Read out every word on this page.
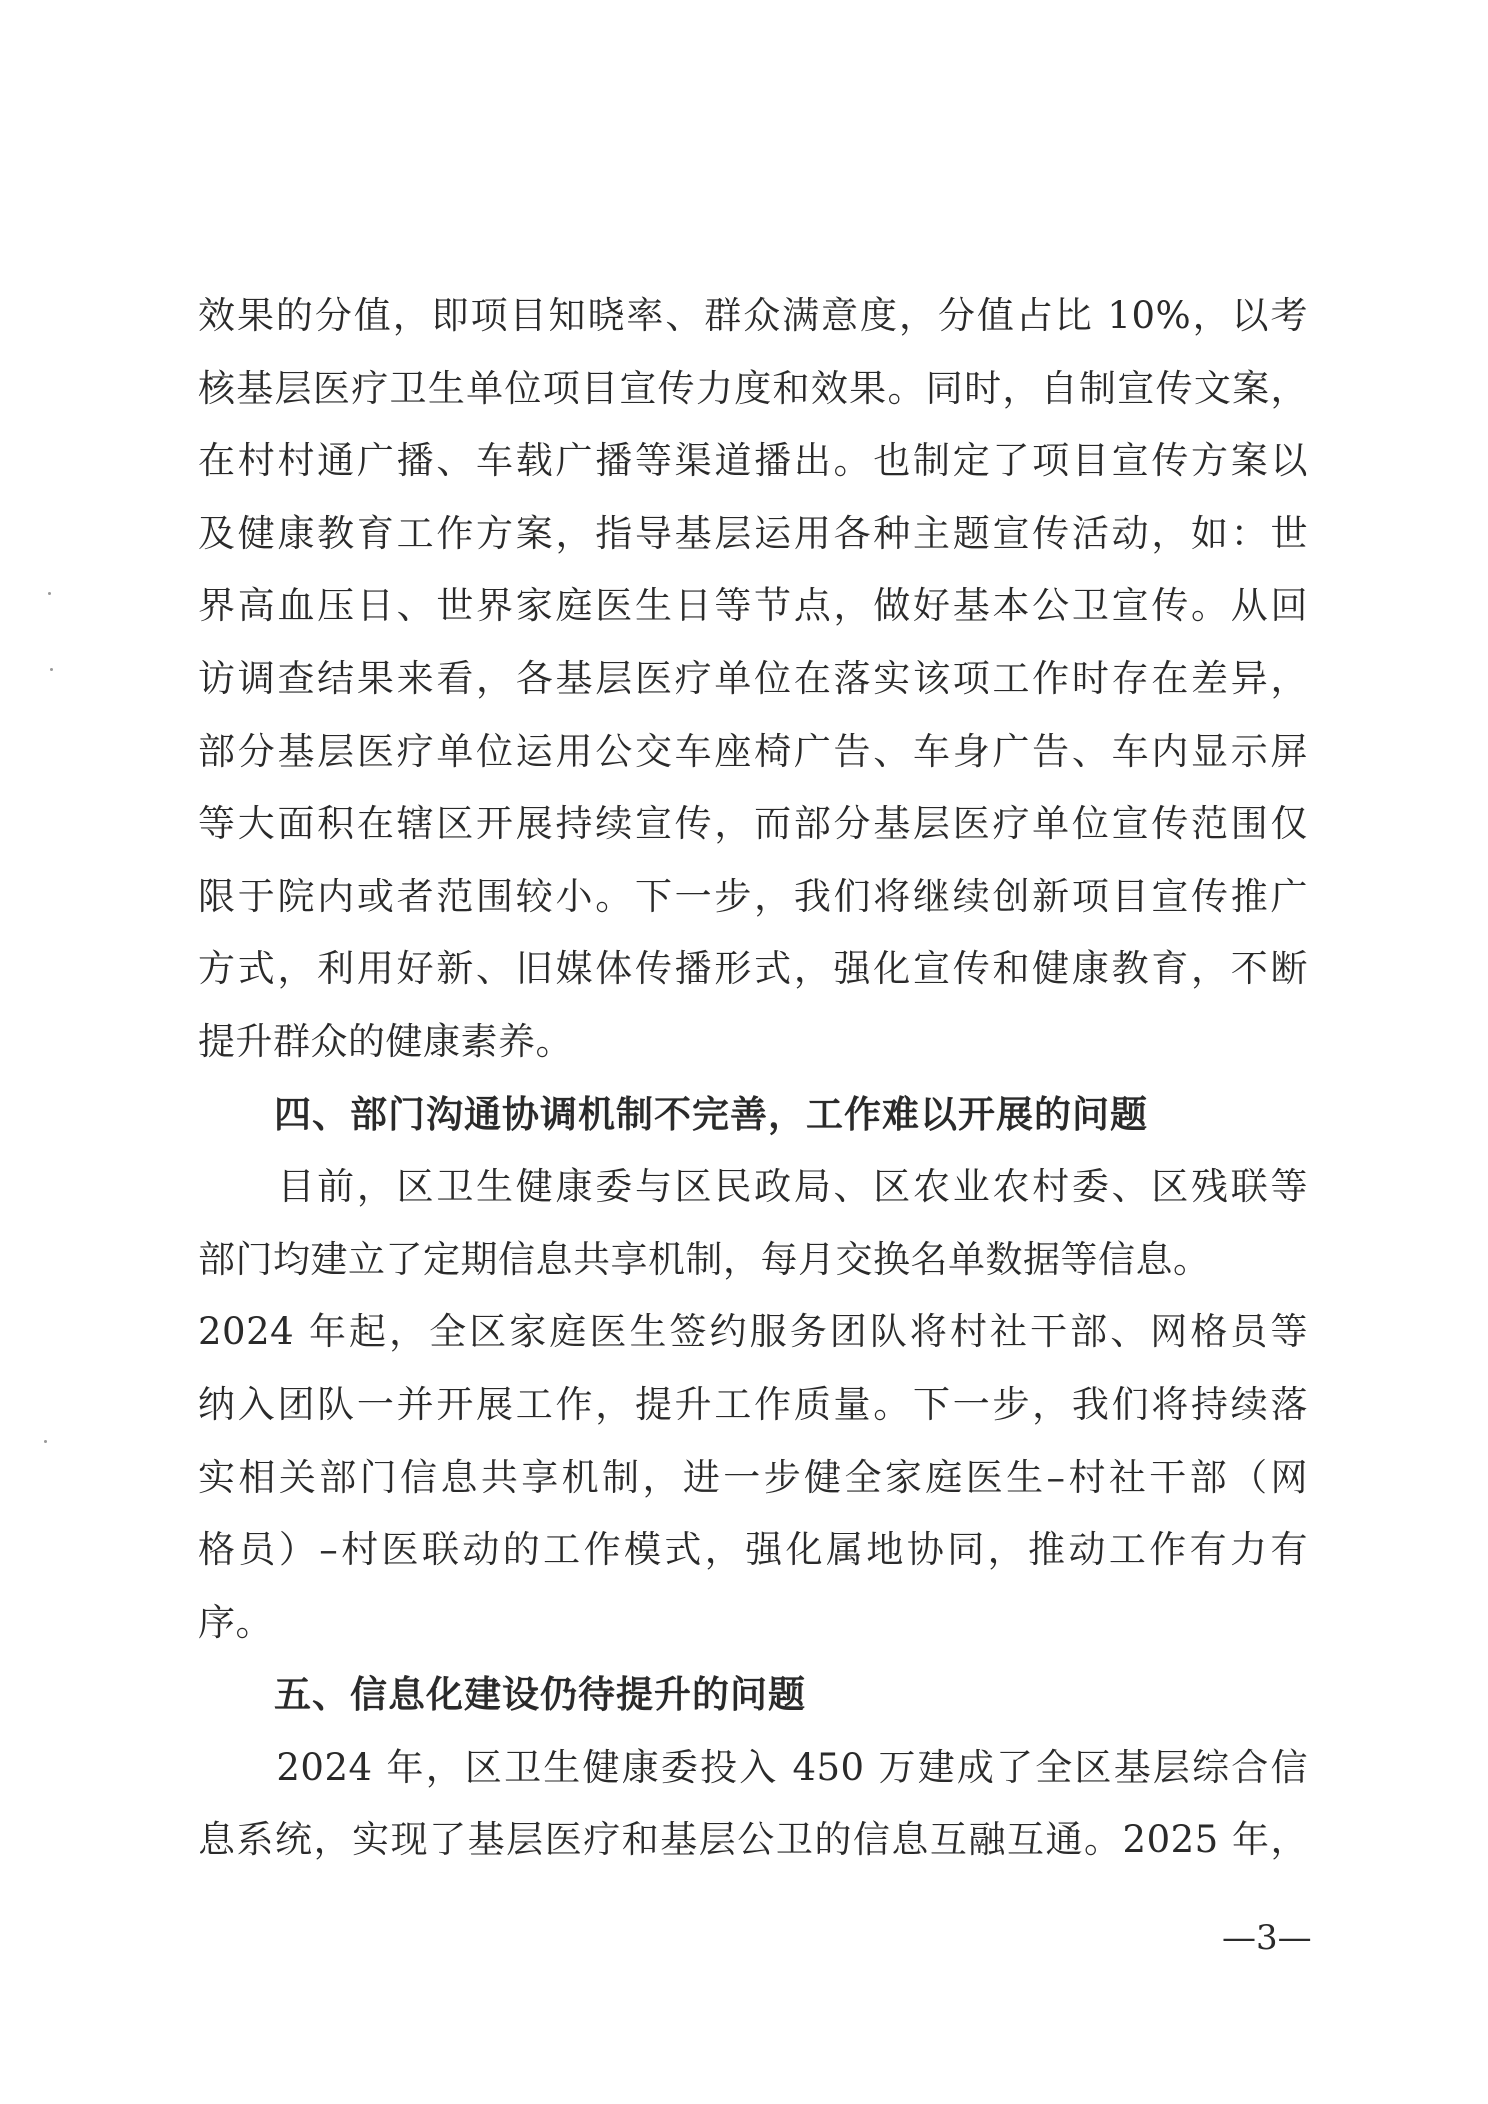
效果的分值，即项目知晓率、群众满意度，分值占比 10%，以考
核基层医疗卫生单位项目宣传力度和效果。同时，自制宣传文案，
在村村通广播、车载广播等渠道播出。也制定了项目宣传方案以
及健康教育工作方案，指导基层运用各种主题宣传活动，如：世
界高血压日、世界家庭医生日等节点，做好基本公卫宣传。从回
访调查结果来看，各基层医疗单位在落实该项工作时存在差异，
部分基层医疗单位运用公交车座椅广告、车身广告、车内显示屏
等大面积在辖区开展持续宣传，而部分基层医疗单位宣传范围仅
限于院内或者范围较小。下一步，我们将继续创新项目宣传推广
方式，利用好新、旧媒体传播形式，强化宣传和健康教育，不断
提升群众的健康素养。
四、部门沟通协调机制不完善，工作难以开展的问题
　　目前，区卫生健康委与区民政局、区农业农村委、区残联等
部门均建立了定期信息共享机制，每月交换名单数据等信息。
2024 年起，全区家庭医生签约服务团队将村社干部、网格员等
纳入团队一并开展工作，提升工作质量。下一步，我们将持续落
实相关部门信息共享机制，进一步健全家庭医生–村社干部（网
格员）–村医联动的工作模式，强化属地协同，推动工作有力有
序。
五、信息化建设仍待提升的问题
　　2024 年，区卫生健康委投入 450 万建成了全区基层综合信
息系统，实现了基层医疗和基层公卫的信息互融互通。2025 年，
—3—
